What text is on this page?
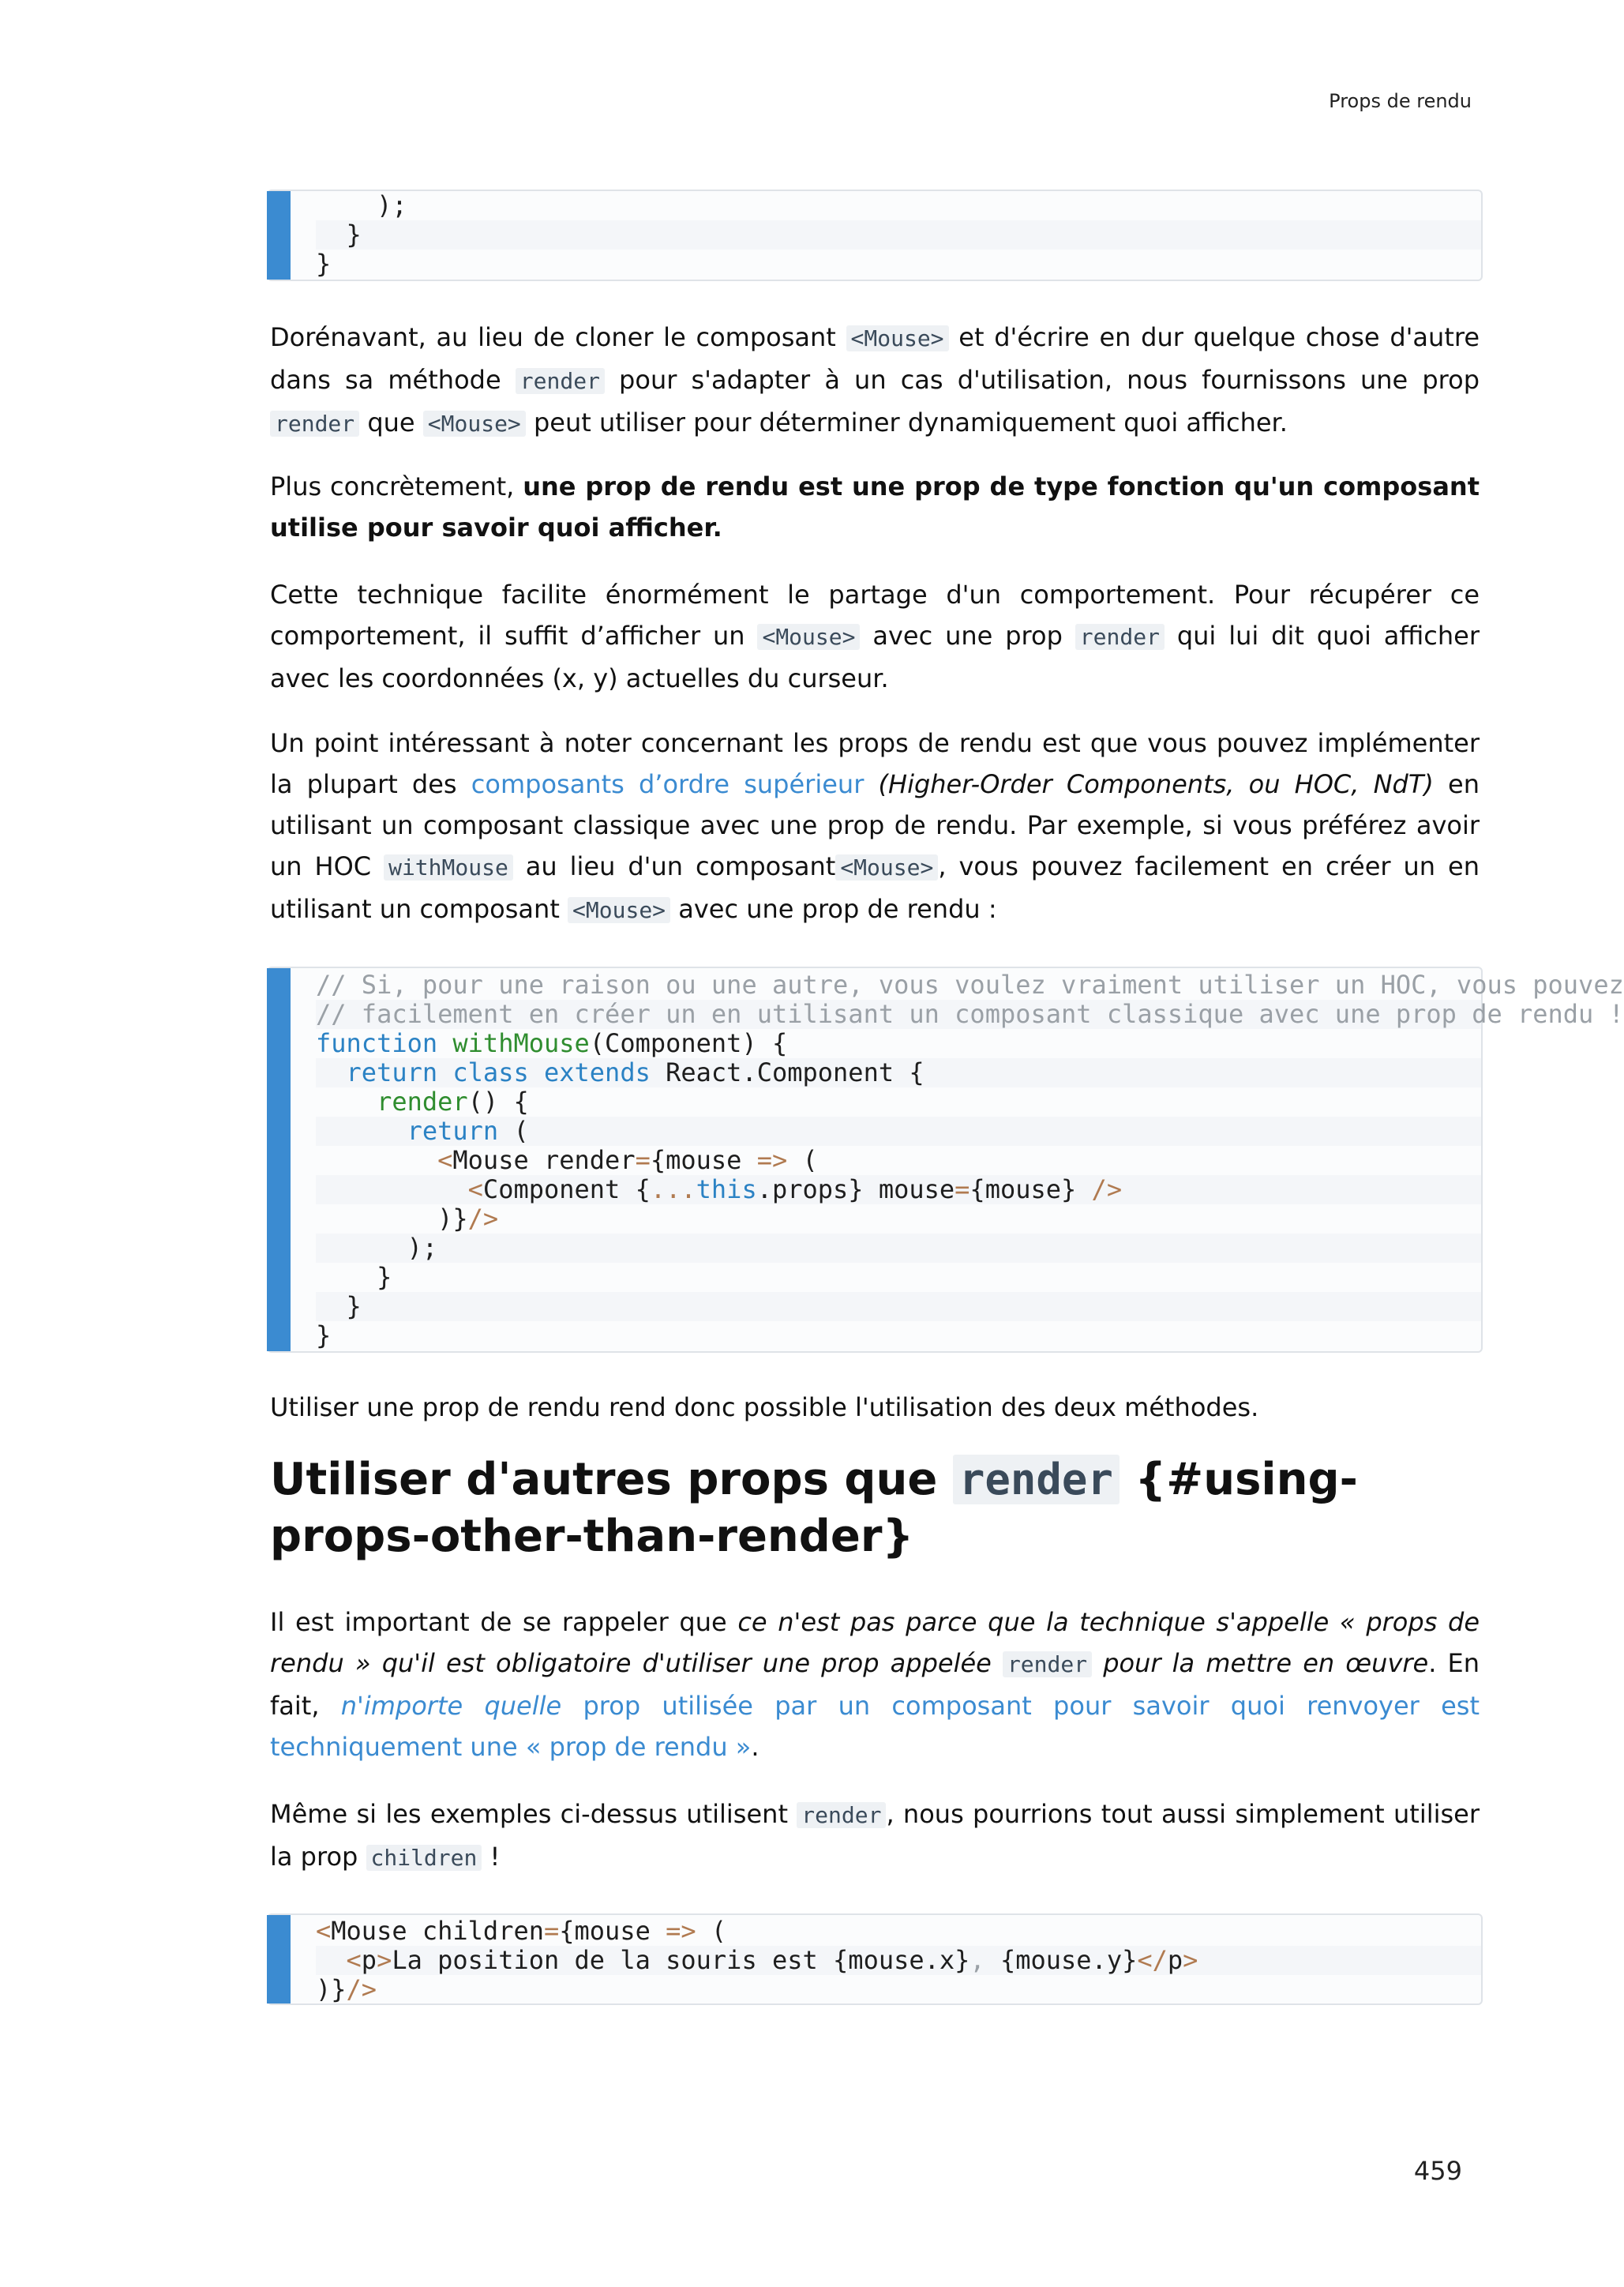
Props de rendu
);
}
}
Dorénavant, au lieu de cloner le composant <Mouse> et d'écrire en dur quelque chose d'autre dans sa méthode render pour s'adapter à un cas d'utilisation, nous fournissons une prop render que <Mouse> peut utiliser pour déterminer dynamiquement quoi afficher.
Plus concrètement, une prop de rendu est une prop de type fonction qu'un composant utilise pour savoir quoi afficher.
Cette technique facilite énormément le partage d'un comportement. Pour récupérer ce comportement, il suffit d’afficher un <Mouse> avec une prop render qui lui dit quoi afficher avec les coordonnées (x, y) actuelles du curseur.
Un point intéressant à noter concernant les props de rendu est que vous pouvez implémenter la plupart des composants d’ordre supérieur (Higher-Order Components, ou HOC, NdT) en utilisant un composant classique avec une prop de rendu. Par exemple, si vous préférez avoir un HOC withMouse au lieu d'un composant <Mouse> , vous pouvez facilement en créer un en utilisant un composant <Mouse> avec une prop de rendu :
// Si, pour une raison ou une autre, vous voulez vraiment utiliser un HOC, vous pouvez
// facilement en créer un en utilisant un composant classique avec une prop de rendu !
function withMouse(Component) {
return class extends React.Component {
render() {
return (
<Mouse render={mouse => (
<Component {...this.props} mouse={mouse} />
)}/>
);
}
}
}
Utiliser une prop de rendu rend donc possible l'utilisation des deux méthodes.
Utiliser d'autres props que render {#using-props-other-than-render}
Il est important de se rappeler que ce n'est pas parce que la technique s'appelle « props de rendu » qu'il est obligatoire d'utiliser une prop appelée render pour la mettre en œuvre. En fait, n'importe quelle prop utilisée par un composant pour savoir quoi renvoyer est techniquement une « prop de rendu ».
Même si les exemples ci-dessus utilisent render , nous pourrions tout aussi simplement utiliser la prop children !
<Mouse children={mouse => (
<p>La position de la souris est {mouse.x}, {mouse.y}</p>
)}/>
459
